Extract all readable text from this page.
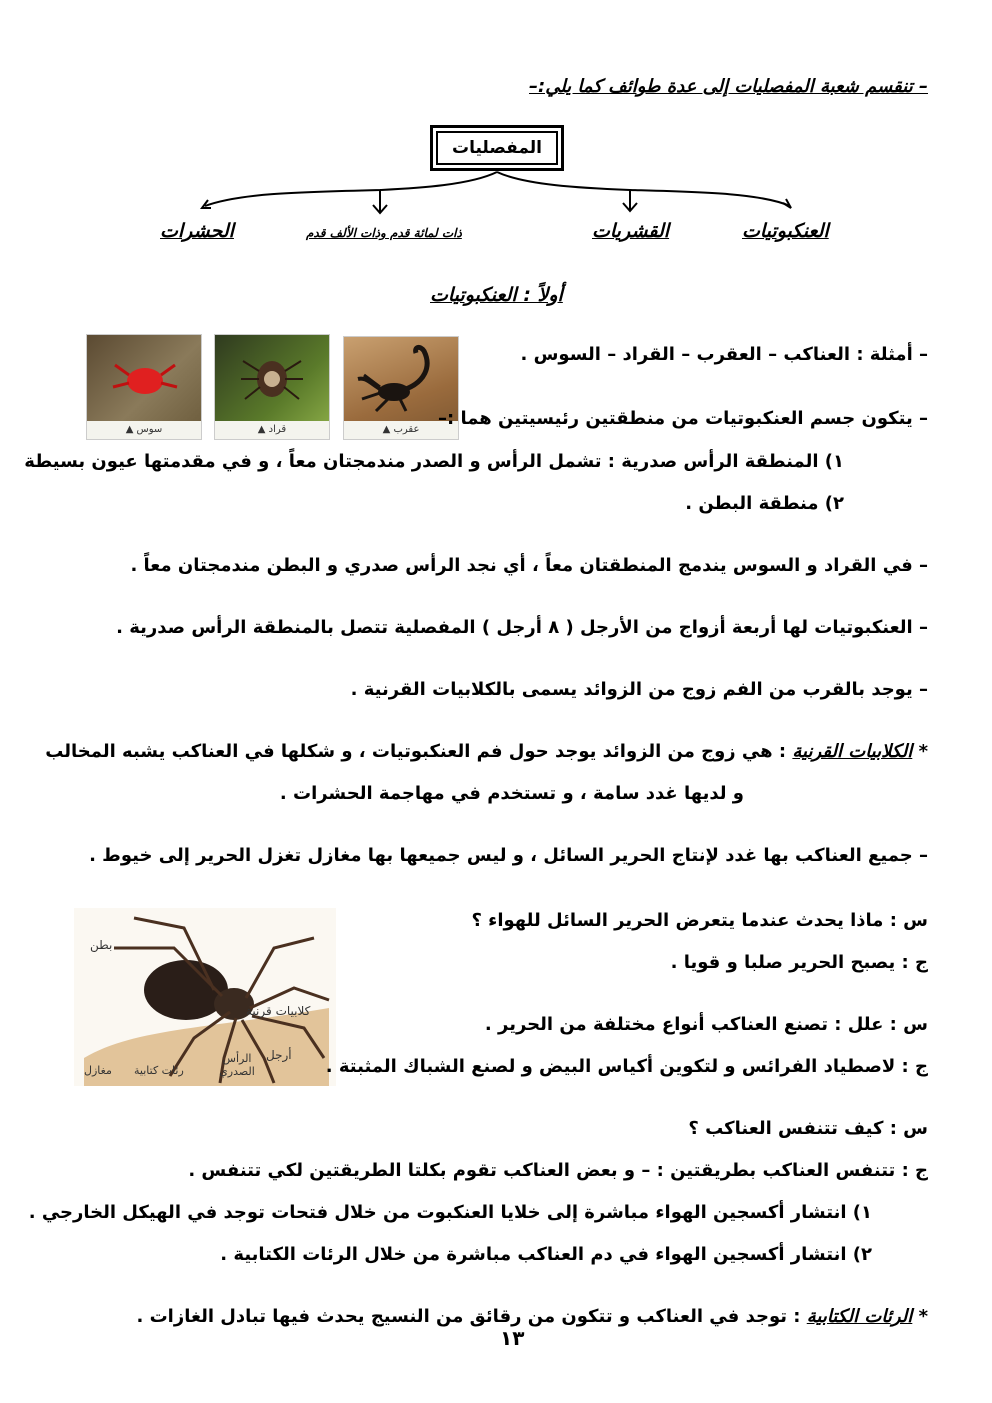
– تنقسم شعبة المفصليات إلى عدة طوائف كما يلي:–
المفصليات
العنكبوتيات
القشريات
ذات لمائة قدم وذات الألف قدم
الحشرات
أولاً : العنكبوتيات
عقرب ▲
قراد ▲
سوس ▲
– أمثلة : العناكب – العقرب – القراد – السوس .
– يتكون جسم العنكبوتيات من منطقتين رئيسيتين هما :–
١) المنطقة الرأس صدرية : تشمل الرأس و الصدر مندمجتان معاً ، و في مقدمتها عيون بسيطة
٢) منطقة البطن .
– في القراد و السوس يندمج المنطقتان معاً ، أي نجد الرأس صدري و البطن مندمجتان معاً .
– العنكبوتيات لها أربعة أزواج من الأرجل ( ٨ أرجل ) المفصلية تتصل بالمنطقة الرأس صدرية .
– يوجد بالقرب من الفم زوج من الزوائد يسمى بالكلابيات القرنية .
* الكلابيات القرنية : هي زوج من الزوائد يوجد حول فم العنكبوتيات ، و شكلها في العناكب يشبه المخالب
و لديها غدد سامة ، و تستخدم في مهاجمة الحشرات .
– جميع العناكب بها غدد لإنتاج الحرير السائل ، و ليس جميعها بها مغازل تغزل الحرير إلى خيوط .
بطن
كلابيات قرنية
أرجل
الرأس الصدري
رئات كتابية
مغازل
س : ماذا يحدث عندما يتعرض الحرير السائل للهواء ؟
ج : يصبح الحرير صلبا و قويا .
س : علل : تصنع العناكب أنواع مختلفة من الحرير .
ج : لاصطياد الفرائس و لتكوين أكياس البيض و لصنع الشباك المثبتة .
س : كيف تتنفس العناكب ؟
ج : تتنفس العناكب بطريقتين : – و بعض العناكب تقوم بكلتا الطريقتين لكي تتنفس .
١) انتشار أكسجين الهواء مباشرة إلى خلايا العنكبوت من خلال فتحات توجد في الهيكل الخارجي .
٢) انتشار أكسجين الهواء في دم العناكب مباشرة من خلال الرئات الكتابية .
* الرئات الكتابية : توجد في العناكب و تتكون من رقائق من النسيج يحدث فيها تبادل الغازات .
١٣
